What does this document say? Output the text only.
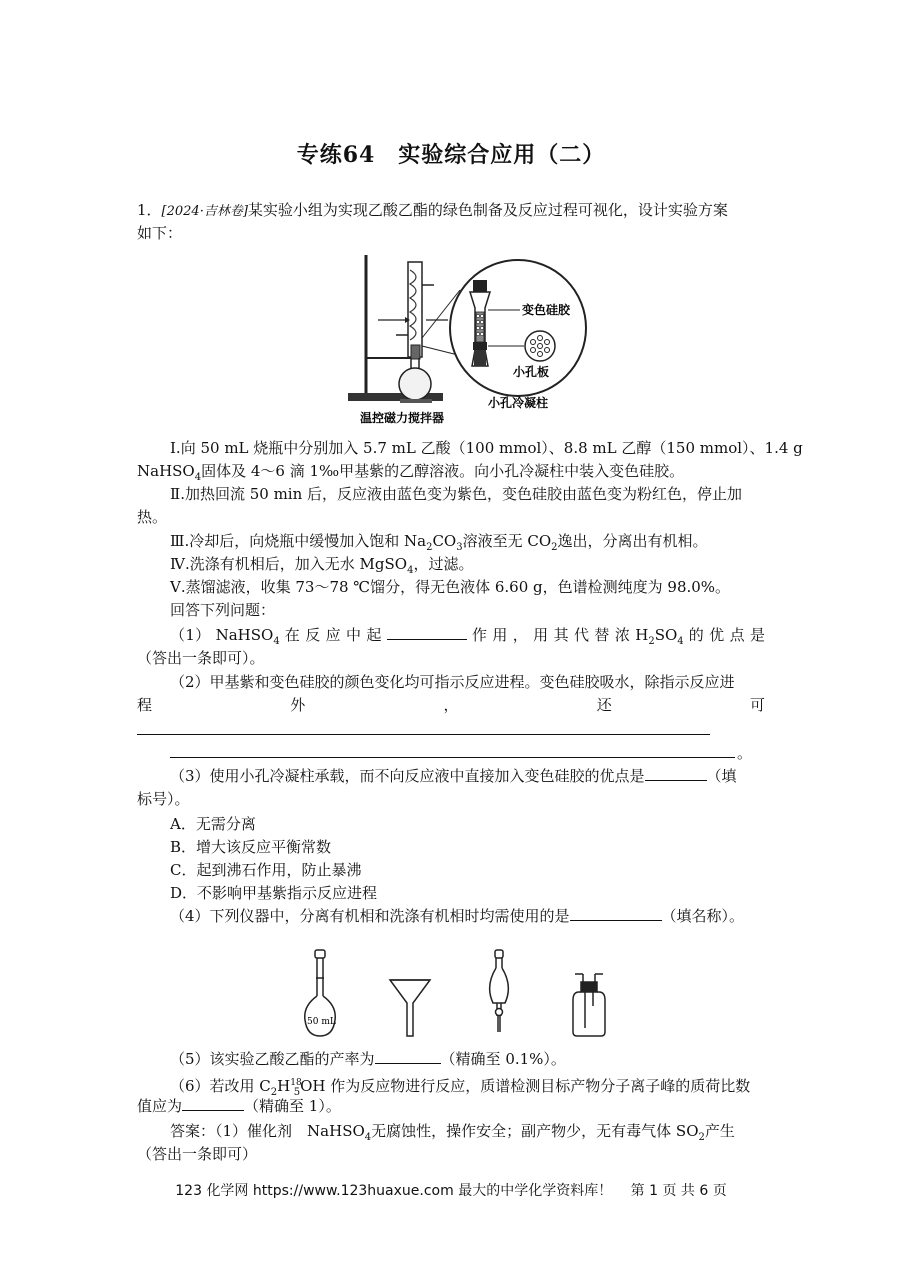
专练64　实验综合应用（二）
1．[2024·吉林卷]某实验小组为实现乙酸乙酯的绿色制备及反应过程可视化，设计实验方案
如下：
变色硅胶
小孔板
温控磁力搅拌器
小孔冷凝柱
Ⅰ.向 50 mL 烧瓶中分别加入 5.7 mL 乙酸（100 mmol）、8.8 mL 乙醇（150 mmol）、1.4 g
NaHSO$_4$固体及 4～6 滴 1‰甲基紫的乙醇溶液。向小孔冷凝柱中装入变色硅胶。
Ⅱ.加热回流 50 min 后，反应液由蓝色变为紫色，变色硅胶由蓝色变为粉红色，停止加
热。
Ⅲ.冷却后，向烧瓶中缓慢加入饱和 $Na_2CO_3$溶液至无 $CO_2$逸出，分离出有机相。
Ⅳ.洗涤有机相后，加入无水 MgSO$_4$，过滤。
Ⅴ.蒸馏滤液，收集 73～78 ℃馏分，得无色液体 6.60 g，色谱检测纯度为 98.0%。
回答下列问题：
（1） NaHSO$_4$ 在 反 应 中 起	作 用 ， 用 其 代 替 浓 $H_2SO_4$ 的 优 点 是
（答出一条即可）。
（2）甲基紫和变色硅胶的颜色变化均可指示反应进程。变色硅胶吸水，除指示反应进
程	外	，	还	可
。
（3）使用小孔冷凝柱承载，而不向反应液中直接加入变色硅胶的优点是	（填
标号）。
A．无需分离
B．增大该反应平衡常数
C．起到沸石作用，防止暴沸
D．不影响甲基紫指示反应进程
（4）下列仪器中，分离有机相和洗涤有机相时均需使用的是	（填名称）。
50 mL
（5）该实验乙酸乙酯的产率为	（精确至 0.1%）。
（6）若改用 $C_2H^{18}_5OH$ 作为反应物进行反应，质谱检测目标产物分子离子峰的质荷比数
值应为	（精确至 1）。
答案：（1）催化剂　NaHSO$_4$无腐蚀性，操作安全；副产物少，无有毒气体 $SO_2$产生
（答出一条即可）
123 化学网 https://www.123huaxue.com 最大的中学化学资料库！　 第 1 页 共 6 页
